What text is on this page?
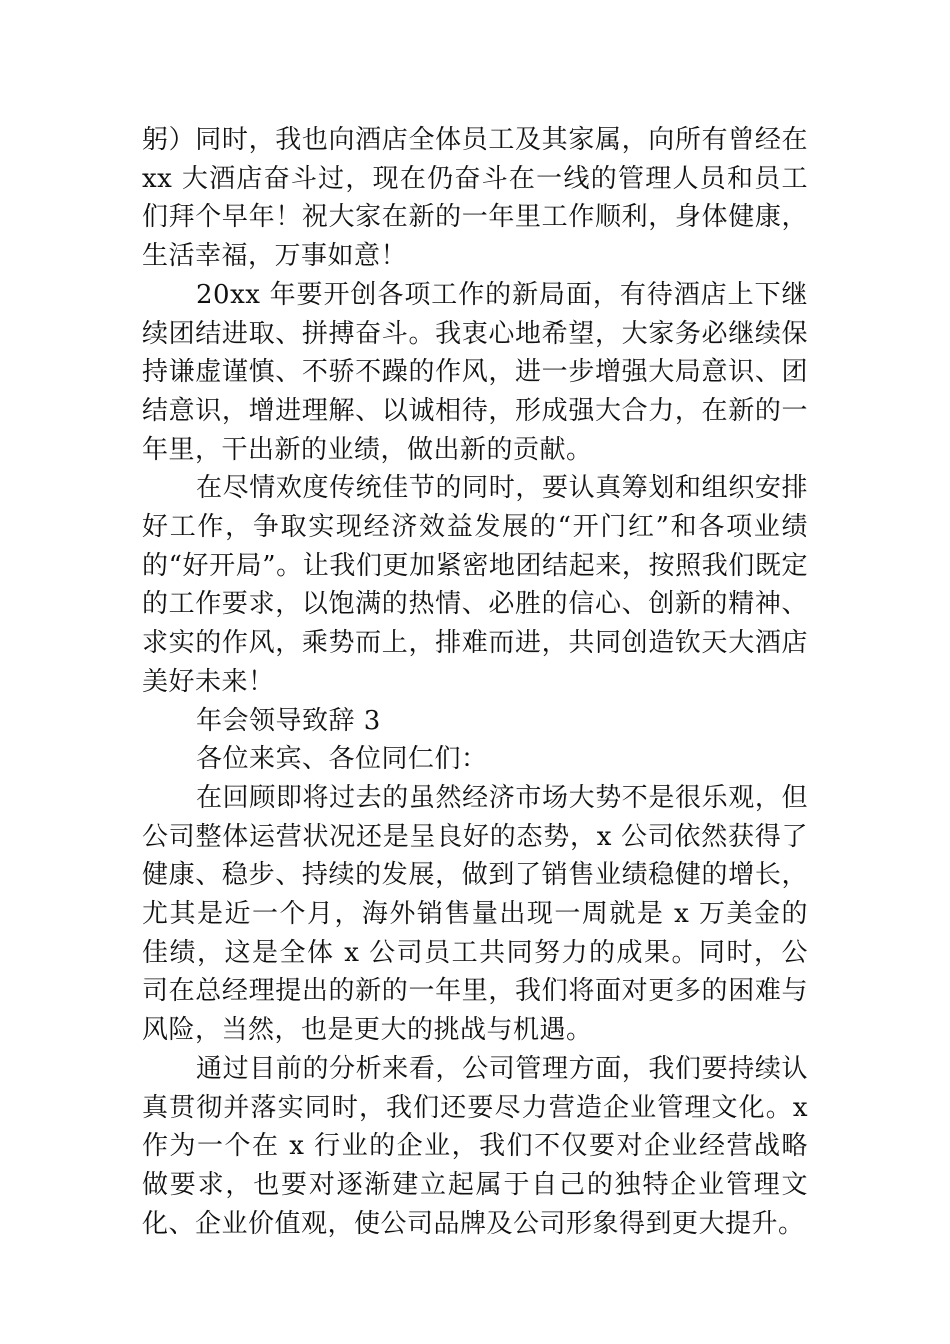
躬）同时，我也向酒店全体员工及其家属，向所有曾经在 xx 大酒店奋斗过，现在仍奋斗在一线的管理人员和员工们拜个早年！祝大家在新的一年里工作顺利，身体健康，生活幸福，万事如意！

20xx 年要开创各项工作的新局面，有待酒店上下继续团结进取、拼搏奋斗。我衷心地希望，大家务必继续保持谦虚谨慎、不骄不躁的作风，进一步增强大局意识、团结意识，增进理解、以诚相待，形成强大合力，在新的一年里，干出新的业绩，做出新的贡献。

在尽情欢度传统佳节的同时，要认真筹划和组织安排好工作，争取实现经济效益发展的“开门红”和各项业绩的“好开局”。让我们更加紧密地团结起来，按照我们既定的工作要求，以饱满的热情、必胜的信心、创新的精神、求实的作风，乘势而上，排难而进，共同创造钦天大酒店美好未来！

年会领导致辞 3

各位来宾、各位同仁们：

在回顾即将过去的虽然经济市场大势不是很乐观，但公司整体运营状况还是呈良好的态势，x 公司依然获得了健康、稳步、持续的发展，做到了销售业绩稳健的增长，尤其是近一个月，海外销售量出现一周就是 x 万美金的佳绩，这是全体 x 公司员工共同努力的成果。同时，公司在总经理提出的新的一年里，我们将面对更多的困难与风险，当然，也是更大的挑战与机遇。

通过目前的分析来看，公司管理方面，我们要持续认真贯彻并落实同时，我们还要尽力营造企业管理文化。x 作为一个在 x 行业的企业，我们不仅要对企业经营战略做要求，也要对逐渐建立起属于自己的独特企业管理文化、企业价值观，使公司品牌及公司形象得到更大提升。
